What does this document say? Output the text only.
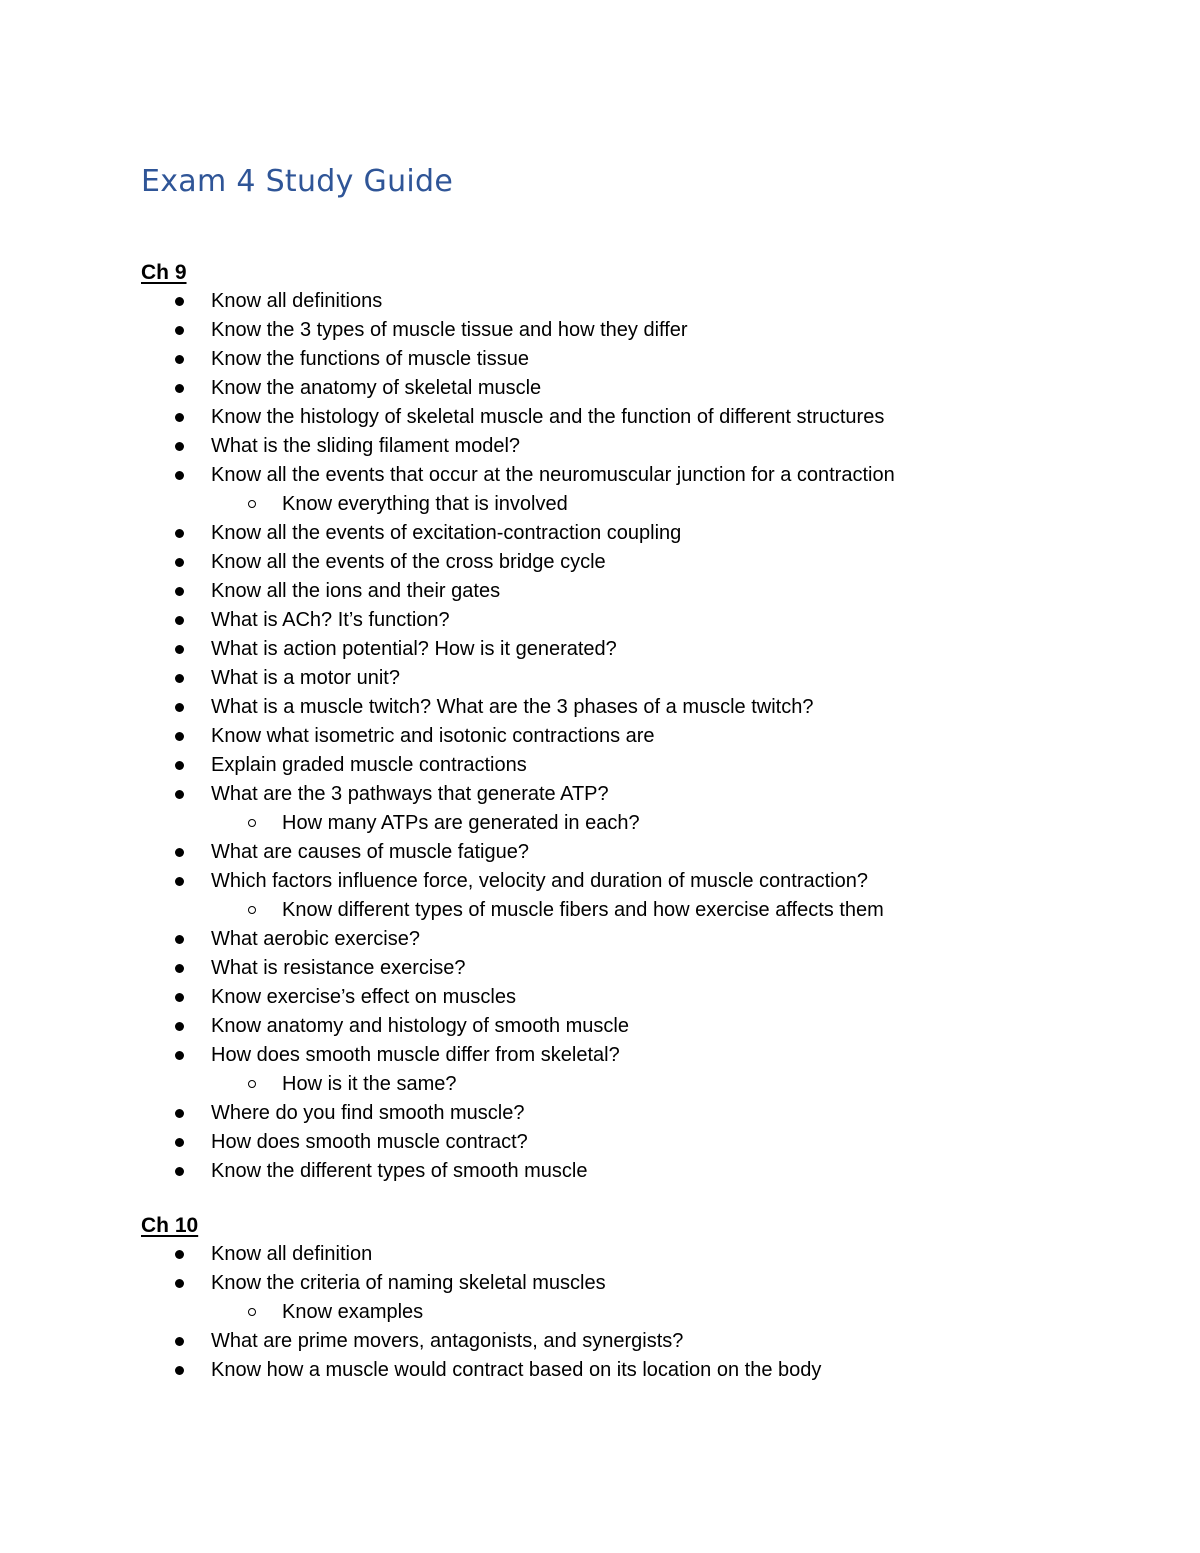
Exam 4 Study Guide
Ch 9
Know all definitions
Know the 3 types of muscle tissue and how they differ
Know the functions of muscle tissue
Know the anatomy of skeletal muscle
Know the histology of skeletal muscle and the function of different structures
What is the sliding filament model?
Know all the events that occur at the neuromuscular junction for a contraction
Know everything that is involved
Know all the events of excitation-contraction coupling
Know all the events of the cross bridge cycle
Know all the ions and their gates
What is ACh? It’s function?
What is action potential? How is it generated?
What is a motor unit?
What is a muscle twitch? What are the 3 phases of a muscle twitch?
Know what isometric and isotonic contractions are
Explain graded muscle contractions
What are the 3 pathways that generate ATP?
How many ATPs are generated in each?
What are causes of muscle fatigue?
Which factors influence force, velocity and duration of muscle contraction?
Know different types of muscle fibers and how exercise affects them
What aerobic exercise?
What is resistance exercise?
Know exercise’s effect on muscles
Know anatomy and histology of smooth muscle
How does smooth muscle differ from skeletal?
How is it the same?
Where do you find smooth muscle?
How does smooth muscle contract?
Know the different types of smooth muscle
Ch 10
Know all definition
Know the criteria of naming skeletal muscles
Know examples
What are prime movers, antagonists, and synergists?
Know how a muscle would contract based on its location on the body
